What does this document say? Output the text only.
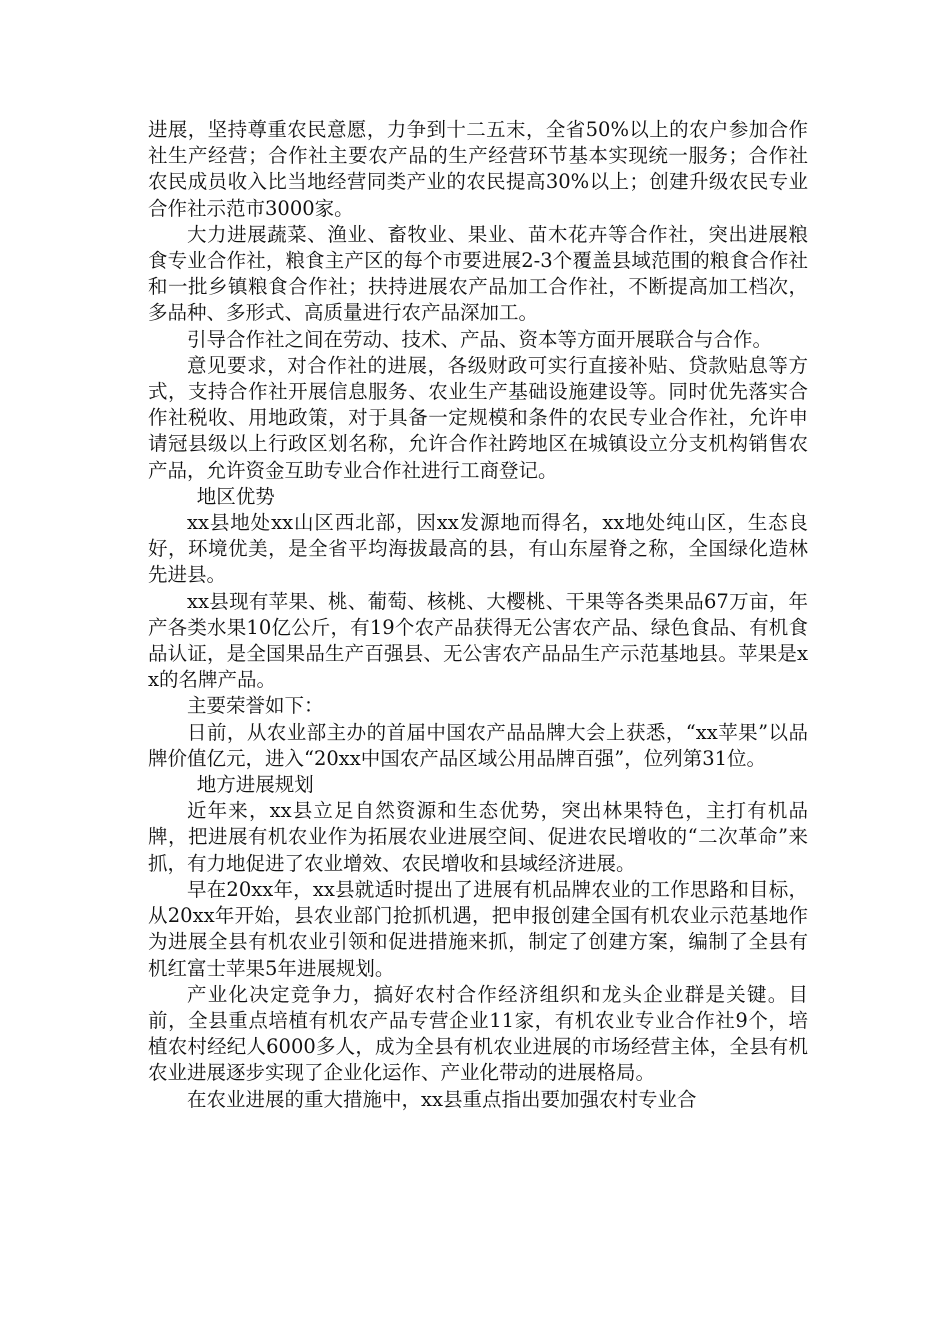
进展，坚持尊重农民意愿，力争到十二五末，全省50%以上的农户参加合作社生产经营；合作社主要农产品的生产经营环节基本实现统一服务；合作社农民成员收入比当地经营同类产业的农民提高30%以上；创建升级农民专业合作社示范市3000家。

大力进展蔬菜、渔业、畜牧业、果业、苗木花卉等合作社，突出进展粮食专业合作社，粮食主产区的每个市要进展2-3个覆盖县域范围的粮食合作社和一批乡镇粮食合作社；扶持进展农产品加工合作社，不断提高加工档次，多品种、多形式、高质量进行农产品深加工。

引导合作社之间在劳动、技术、产品、资本等方面开展联合与合作。

意见要求，对合作社的进展，各级财政可实行直接补贴、贷款贴息等方式，支持合作社开展信息服务、农业生产基础设施建设等。同时优先落实合作社税收、用地政策，对于具备一定规模和条件的农民专业合作社，允许申请冠县级以上行政区划名称，允许合作社跨地区在城镇设立分支机构销售农产品，允许资金互助专业合作社进行工商登记。

地区优势

xx县地处xx山区西北部，因xx发源地而得名，xx地处纯山区，生态良好，环境优美，是全省平均海拔最高的县，有山东屋脊之称，全国绿化造林先进县。

xx县现有苹果、桃、葡萄、核桃、大樱桃、干果等各类果品67万亩，年产各类水果10亿公斤，有19个农产品获得无公害农产品、绿色食品、有机食品认证，是全国果品生产百强县、无公害农产品品生产示范基地县。苹果是xx的名牌产品。

主要荣誉如下：

日前，从农业部主办的首届中国农产品品牌大会上获悉，“xx苹果”以品牌价值亿元，进入“20xx中国农产品区域公用品牌百强”，位列第31位。

地方进展规划

近年来，xx县立足自然资源和生态优势，突出林果特色，主打有机品牌，把进展有机农业作为拓展农业进展空间、促进农民增收的“二次革命”来抓，有力地促进了农业增效、农民增收和县域经济进展。

早在20xx年，xx县就适时提出了进展有机品牌农业的工作思路和目标，从20xx年开始，县农业部门抢抓机遇，把申报创建全国有机农业示范基地作为进展全县有机农业引领和促进措施来抓，制定了创建方案，编制了全县有机红富士苹果5年进展规划。

产业化决定竞争力，搞好农村合作经济组织和龙头企业群是关键。目前，全县重点培植有机农产品专营企业11家，有机农业专业合作社9个，培植农村经纪人6000多人，成为全县有机农业进展的市场经营主体，全县有机农业进展逐步实现了企业化运作、产业化带动的进展格局。

在农业进展的重大措施中，xx县重点指出要加强农村专业合
